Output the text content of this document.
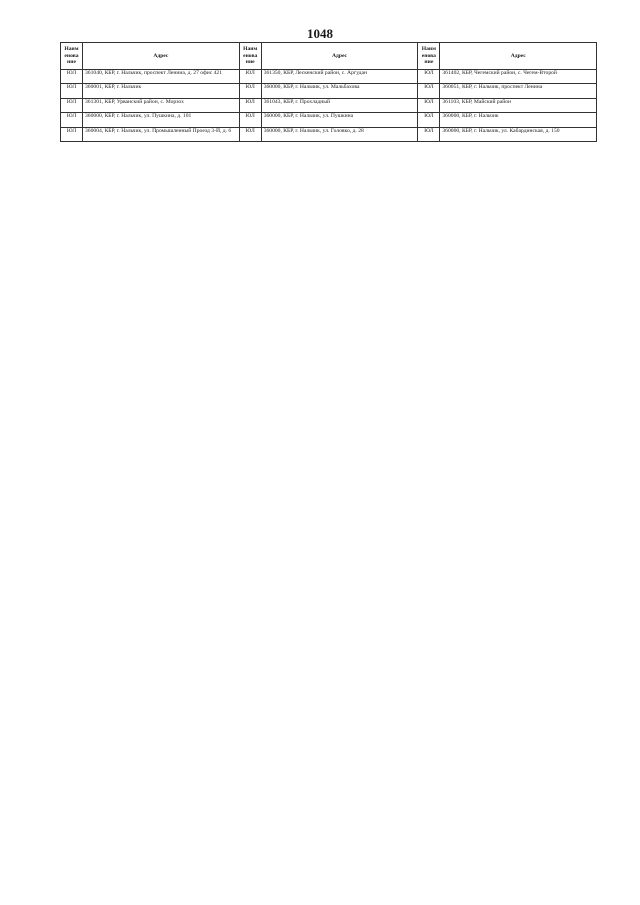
1048
Наим енова ние	Адрес	Наим енова ние	Адрес	Наим енова ние	Адрес
ЮЛ	361040, КБР, г. Нальчик, проспект Ленина, д. 27 офис 421	ЮЛ	361350, КБР, Лескенский район, с. Аргудан	ЮЛ	361402, КБР, Чегемский район, с. Чегем-Второй
ЮЛ	360001, КБР, г. Нальчик	ЮЛ	360000, КБР, г. Нальчик, ул. Мальбахова	ЮЛ	360051, КБР, г. Нальчик, проспект Ленина
ЮЛ	361301, КБР, Урванский район, с. Морзох	ЮЛ	361043, КБР, г. Прохладный	ЮЛ	361103, КБР, Майский район
ЮЛ	360000, КБР, г. Нальчик, ул. Пушкина, д. 101	ЮЛ	360000, КБР, г. Нальчик, ул. Пушкина	ЮЛ	360000, КБР, г. Нальчик
ЮЛ	360004, КБР, г. Нальчик, ул. Промышленный Проезд 3-Й, д. 6	ЮЛ	360000, КБР, г. Нальчик, ул. Головко, д. 28	ЮЛ	360000, КБР, г. Нальчик, ул. Кабардинская, д. 150
